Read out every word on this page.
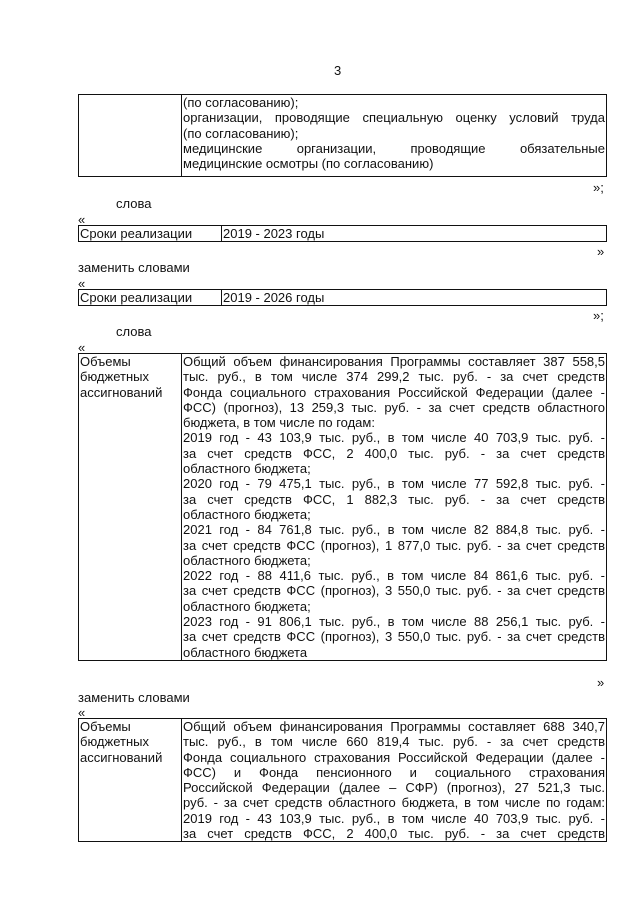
3

(по согласованию);
организации, проводящие специальную оценку условий труда
(по согласованию);
медицинские организации, проводящие обязательные
медицинские осмотры (по согласованию)
»;
слова
«
Сроки реализации	2019 - 2023 годы
»
заменить словами
«
Сроки реализации	2019 - 2026 годы
»;
слова
«
Объемы
бюджетных
ассигнований

Общий объем финансирования Программы составляет 387 558,5
тыс. руб., в том числе 374 299,2 тыс. руб. - за счет средств
Фонда социального страхования Российской Федерации (далее -
ФСС) (прогноз), 13 259,3 тыс. руб. - за счет средств областного
бюджета, в том числе по годам:
2019 год - 43 103,9 тыс. руб., в том числе 40 703,9 тыс. руб. -
за счет средств ФСС, 2 400,0 тыс. руб. - за счет средств
областного бюджета;
2020 год - 79 475,1 тыс. руб., в том числе 77 592,8 тыс. руб. -
за счет средств ФСС, 1 882,3 тыс. руб. - за счет средств
областного бюджета;
2021 год - 84 761,8 тыс. руб., в том числе 82 884,8 тыс. руб. -
за счет средств ФСС (прогноз), 1 877,0 тыс. руб. - за счет средств
областного бюджета;
2022 год - 88 411,6 тыс. руб., в том числе 84 861,6 тыс. руб. -
за счет средств ФСС (прогноз), 3 550,0 тыс. руб. - за счет средств
областного бюджета;
2023 год - 91 806,1 тыс. руб., в том числе 88 256,1 тыс. руб. -
за счет средств ФСС (прогноз), 3 550,0 тыс. руб. - за счет средств
областного бюджета
»
заменить словами
«
Объемы
бюджетных
ассигнований

Общий объем финансирования Программы составляет 688 340,7
тыс. руб., в том числе 660 819,4 тыс. руб. - за счет средств
Фонда социального страхования Российской Федерации (далее -
ФСС) и Фонда пенсионного и социального страхования
Российской Федерации (далее – СФР) (прогноз), 27 521,3 тыс.
руб. - за счет средств областного бюджета, в том числе по годам:
2019 год - 43 103,9 тыс. руб., в том числе 40 703,9 тыс. руб. -
за счет средств ФСС, 2 400,0 тыс. руб. - за счет средств
